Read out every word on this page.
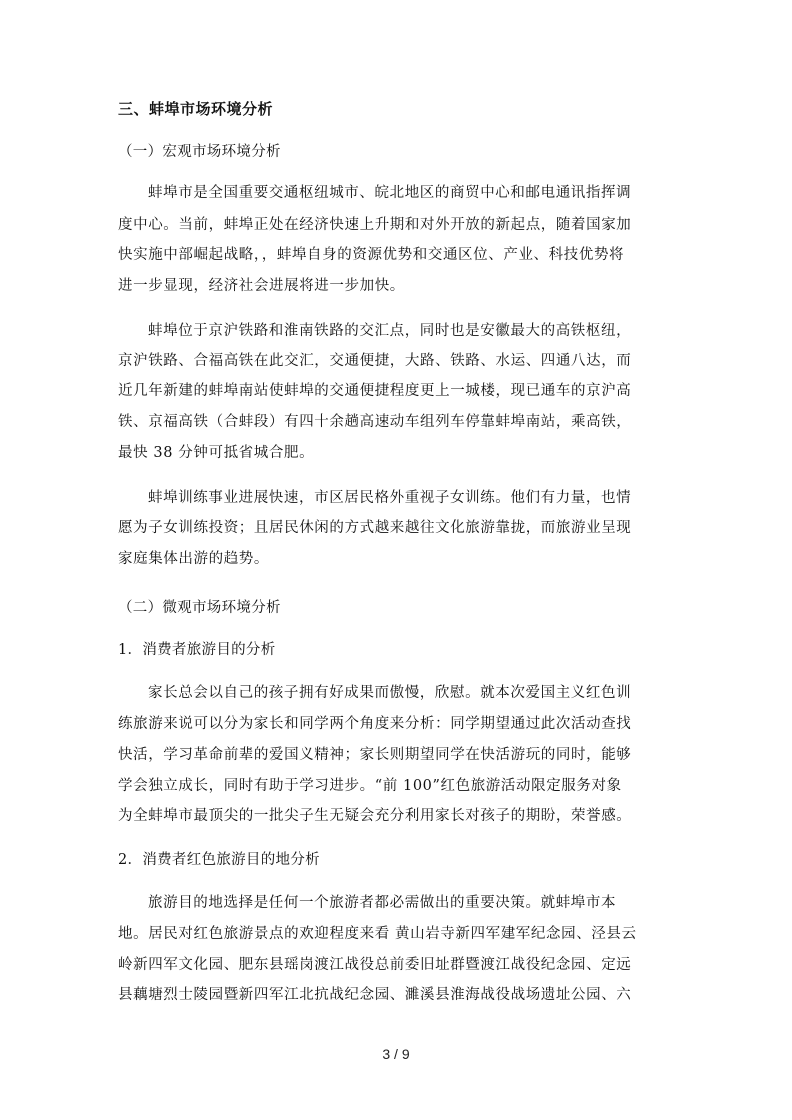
三、蚌埠市场环境分析
（一）宏观市场环境分析
蚌埠市是全国重要交通枢纽城市、皖北地区的商贸中心和邮电通讯指挥调
度中心。当前，蚌埠正处在经济快速上升期和对外开放的新起点，随着国家加
快实施中部崛起战略，，蚌埠自身的资源优势和交通区位、产业、科技优势将
进一步显现，经济社会进展将进一步加快。
蚌埠位于京沪铁路和淮南铁路的交汇点，同时也是安徽最大的高铁枢纽，
京沪铁路、合福高铁在此交汇，交通便捷，大路、铁路、水运、四通八达，而
近几年新建的蚌埠南站使蚌埠的交通便捷程度更上一城楼，现已通车的京沪高
铁、京福高铁（合蚌段）有四十余趟高速动车组列车停靠蚌埠南站，乘高铁，
最快 38 分钟可抵省城合肥。
蚌埠训练事业进展快速，市区居民格外重视子女训练。他们有力量，也情
愿为子女训练投资；且居民休闲的方式越来越往文化旅游靠拢，而旅游业呈现
家庭集体出游的趋势。
（二）微观市场环境分析
1．消费者旅游目的分析
家长总会以自己的孩子拥有好成果而傲慢，欣慰。就本次爱国主义红色训
练旅游来说可以分为家长和同学两个角度来分析：同学期望通过此次活动查找
快活，学习革命前辈的爱国义精神；家长则期望同学在快活游玩的同时，能够
学会独立成长，同时有助于学习进步。“前 100”红色旅游活动限定服务对象
为全蚌埠市最顶尖的一批尖子生无疑会充分利用家长对孩子的期盼，荣誉感。
2．消费者红色旅游目的地分析
旅游目的地选择是任何一个旅游者都必需做出的重要决策。就蚌埠市本
地。居民对红色旅游景点的欢迎程度来看 黄山岩寺新四军建军纪念园、泾县云
岭新四军文化园、肥东县瑶岗渡江战役总前委旧址群暨渡江战役纪念园、定远
县藕塘烈士陵园暨新四军江北抗战纪念园、濉溪县淮海战役战场遗址公园、六
3 / 9
